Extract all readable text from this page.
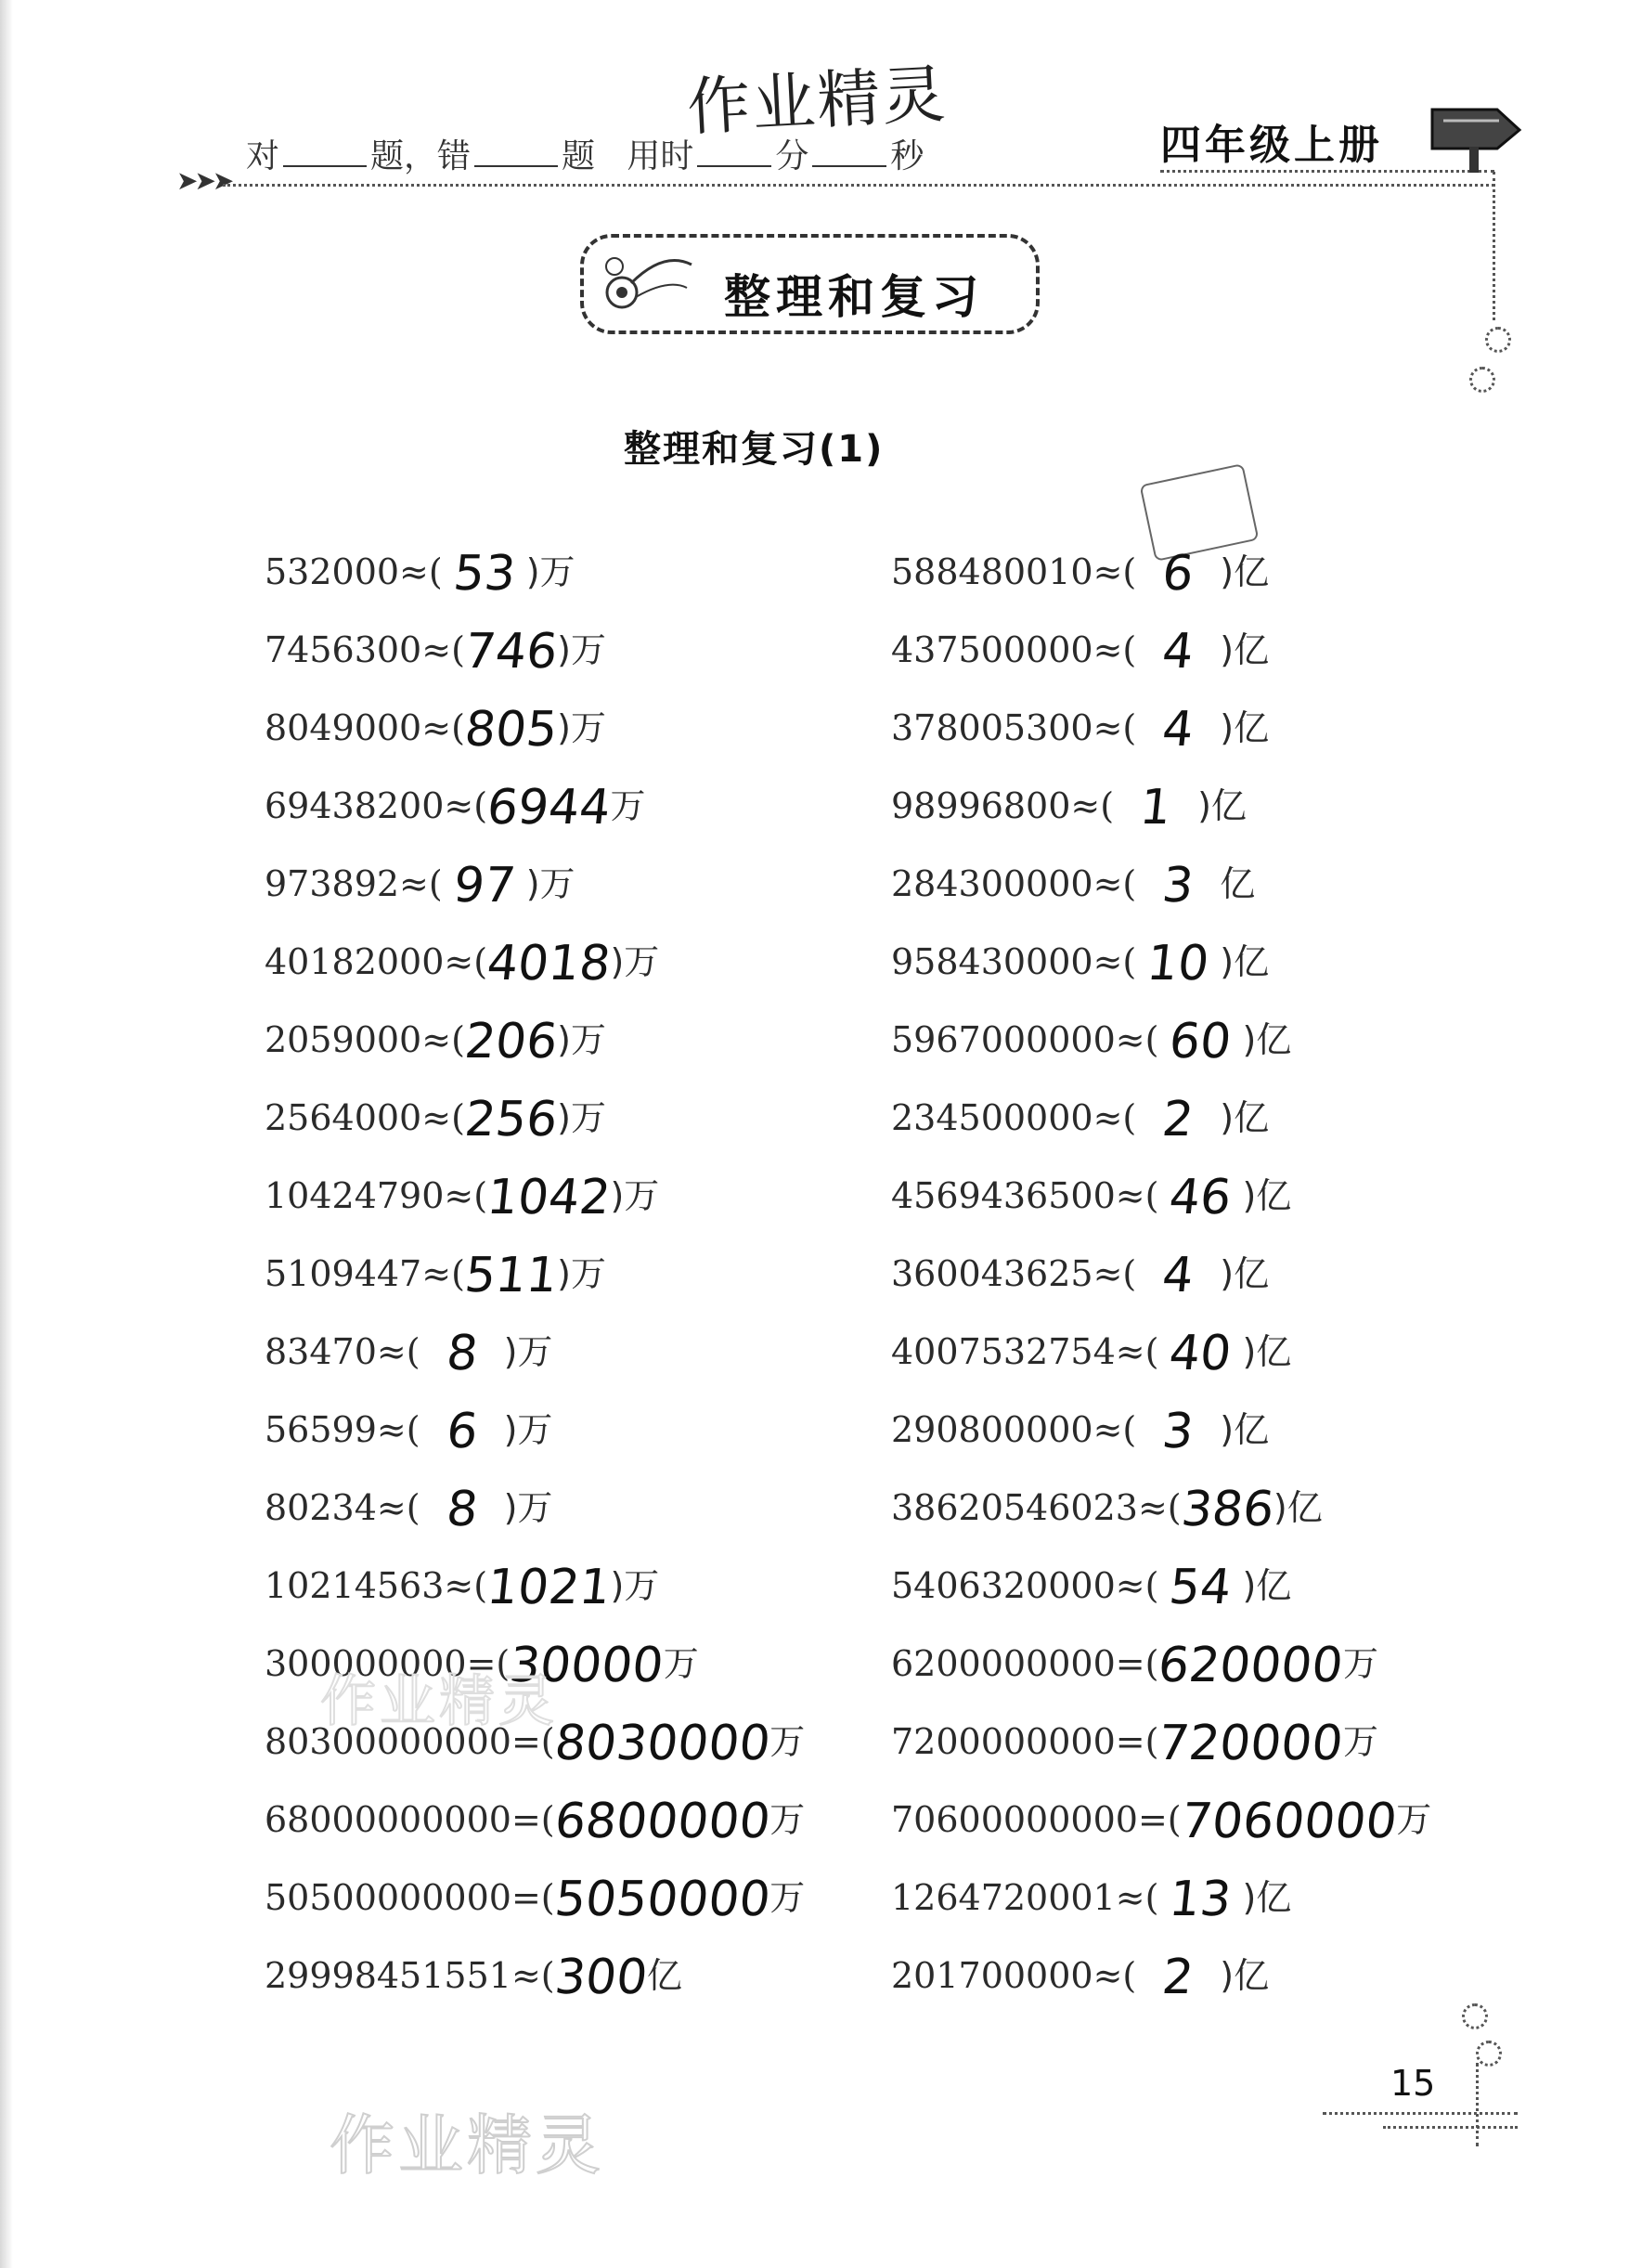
作业精灵
对	题，错	题 用时 分 秒
➤➤➤
四年级上册
整理和复习
整理和复习(1)
532000≈( 53 )万
7456300≈(746)万
8049000≈(805)万
69438200≈(6944万
973892≈( 97 )万
40182000≈(4018)万
2059000≈(206)万
2564000≈(256)万
10424790≈(1042)万
5109447≈(511)万
83470≈( 8 )万
56599≈( 6 )万
80234≈( 8 )万
10214563≈(1021)万
300000000=(30000万
80300000000=(8030000万
68000000000=(6800000万
50500000000=(5050000万
29998451551≈(300亿
588480010≈( 6 )亿
437500000≈( 4 )亿
378005300≈( 4 )亿
98996800≈( 1 )亿
284300000≈( 3 亿
958430000≈( 10 )亿
5967000000≈( 60 )亿
234500000≈( 2 )亿
4569436500≈( 46 )亿
360043625≈( 4 )亿
4007532754≈( 40 )亿
290800000≈( 3 )亿
38620546023≈(386)亿
5406320000≈( 54 )亿
6200000000=(620000万
7200000000=(720000万
70600000000=(7060000万
1264720001≈( 13 )亿
201700000≈( 2 )亿
作业精灵
作业精灵
15
